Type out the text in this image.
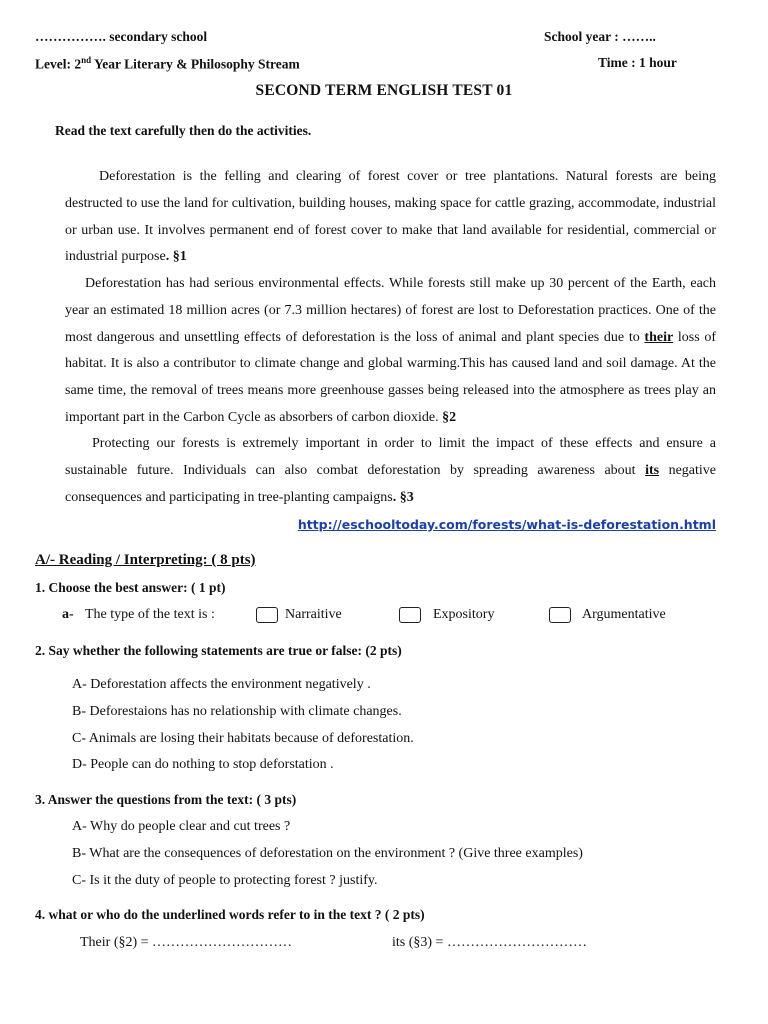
……………. secondary school	School year : ……..
Level: 2nd Year Literary & Philosophy Stream	Time : 1 hour
SECOND TERM ENGLISH TEST 01
Read the text carefully then do the activities.
Deforestation is the felling and clearing of forest cover or tree plantations. Natural forests are being destructed to use the land for cultivation, building houses, making space for cattle grazing, accommodate, industrial or urban use. It involves permanent end of forest cover to make that land available for residential, commercial or industrial purpose. §1
Deforestation has had serious environmental effects. While forests still make up 30 percent of the Earth, each year an estimated 18 million acres (or 7.3 million hectares) of forest are lost to Deforestation practices. One of the most dangerous and unsettling effects of deforestation is the loss of animal and plant species due to their loss of habitat. It is also a contributor to climate change and global warming.This has caused land and soil damage. At the same time, the removal of trees means more greenhouse gasses being released into the atmosphere as trees play an important part in the Carbon Cycle as absorbers of carbon dioxide. §2
Protecting our forests is extremely important in order to limit the impact of these effects and ensure a sustainable future. Individuals can also combat deforestation by spreading awareness about its negative consequences and participating in tree-planting campaigns. §3
http://eschooltoday.com/forests/what-is-deforestation.html
A/- Reading / Interpreting: ( 8 pts)
1. Choose the best answer: ( 1 pt)
a- The type of the text is :	Narraitive	Expository	Argumentative
2. Say whether the following statements are true or false: (2 pts)
A- Deforestation affects the environment negatively .
B- Deforestaions has no relationship with climate changes.
C- Animals are losing their habitats because of deforestation.
D- People can do nothing to stop deforstation .
3. Answer the questions from the text: ( 3 pts)
A- Why do people clear and cut trees ?
B- What are the consequences of deforestation on the environment ? (Give three examples)
C- Is it the duty of people to protecting forest ? justify.
4. what or who do the underlined words refer to in the text ? ( 2 pts)
Their (§2) = …………………………	its (§3) = …………………………
